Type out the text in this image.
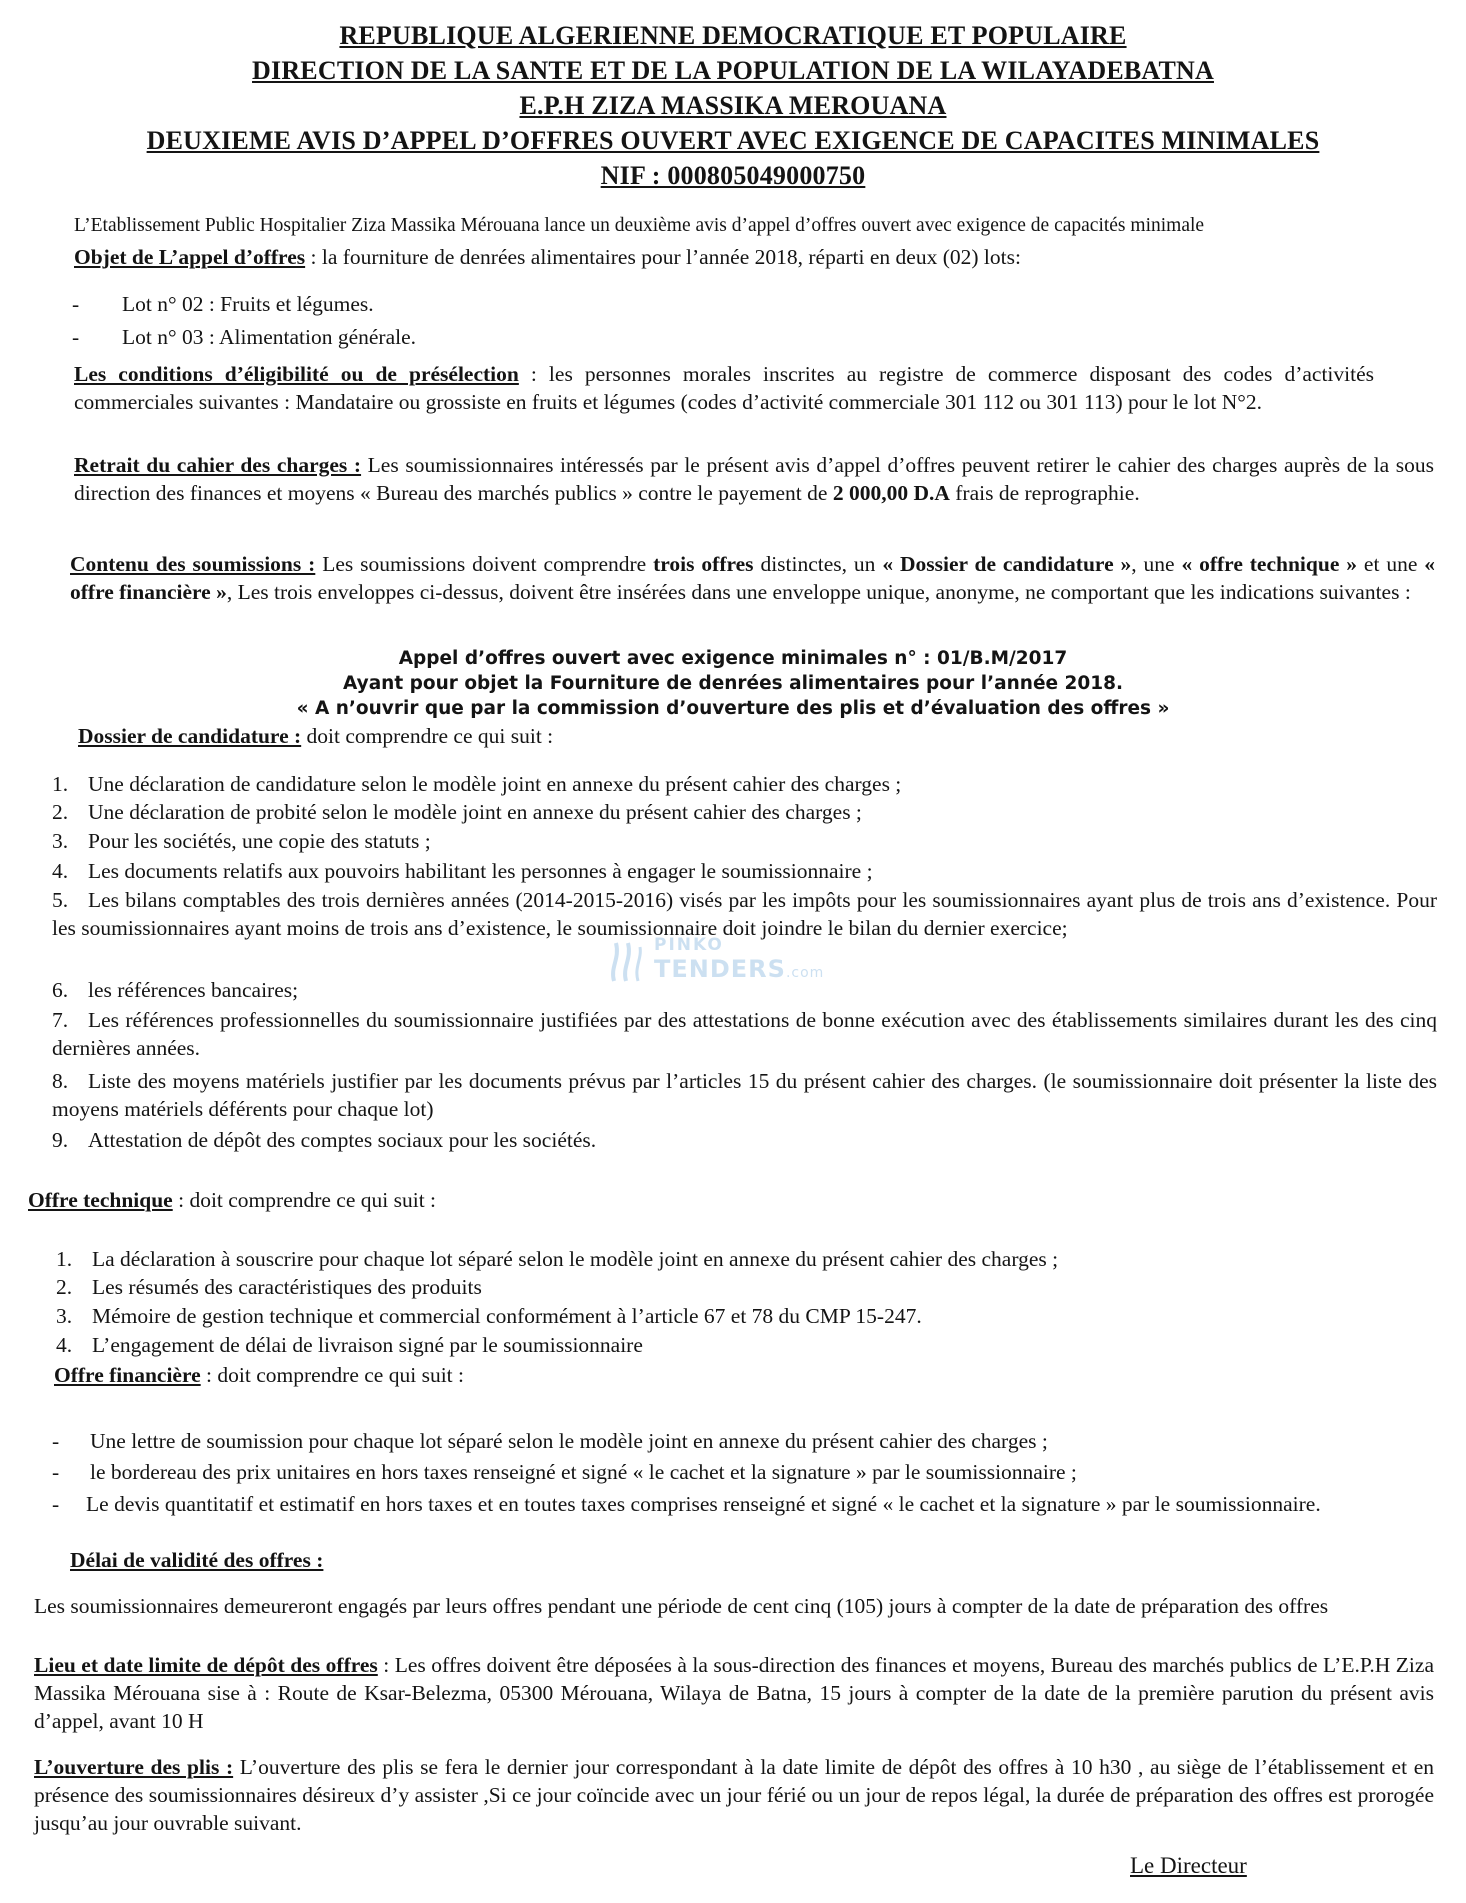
REPUBLIQUE ALGERIENNE DEMOCRATIQUE ET POPULAIRE
DIRECTION DE LA SANTE ET DE LA POPULATION DE LA WILAYADEBATNA
E.P.H ZIZA MASSIKA MEROUANA
DEUXIEME AVIS D’APPEL D’OFFRES OUVERT AVEC EXIGENCE DE CAPACITES MINIMALES
NIF : 000805049000750
L’Etablissement Public Hospitalier Ziza Massika Mérouana lance un deuxième avis d’appel d’offres ouvert avec exigence de capacités minimale
Objet de L’appel d’offres : la fourniture de denrées alimentaires pour l’année 2018, réparti en deux (02) lots:
- Lot n° 02 : Fruits et légumes.
- Lot n° 03 : Alimentation générale.
Les conditions d’éligibilité ou de présélection : les personnes morales inscrites au registre de commerce disposant des codes d’activités commerciales suivantes : Mandataire ou grossiste en fruits et légumes (codes d’activité commerciale 301 112 ou 301 113) pour le lot N°2.
Retrait du cahier des charges : Les soumissionnaires intéressés par le présent avis d’appel d’offres peuvent retirer le cahier des charges auprès de la sous direction des finances et moyens « Bureau des marchés publics » contre le payement de 2 000,00 D.A frais de reprographie.
Contenu des soumissions : Les soumissions doivent comprendre trois offres distinctes, un « Dossier de candidature », une « offre technique » et une « offre financière », Les trois enveloppes ci-dessus, doivent être insérées dans une enveloppe unique, anonyme, ne comportant que les indications suivantes :
Appel d’offres ouvert avec exigence minimales n° : 01/B.M/2017
Ayant pour objet la Fourniture de denrées alimentaires pour l’année 2018.
« A n’ouvrir que par la commission d’ouverture des plis et d’évaluation des offres »
Dossier de candidature : doit comprendre ce qui suit :
1. Une déclaration de candidature selon le modèle joint en annexe du présent cahier des charges ;
2. Une déclaration de probité selon le modèle joint en annexe du présent cahier des charges ;
3. Pour les sociétés, une copie des statuts ;
4. Les documents relatifs aux pouvoirs habilitant les personnes à engager le soumissionnaire ;
5. Les bilans comptables des trois dernières années (2014-2015-2016) visés par les impôts pour les soumissionnaires ayant plus de trois ans d’existence. Pour les soumissionnaires ayant moins de trois ans d’existence, le soumissionnaire doit joindre le bilan du dernier exercice;
6. les références bancaires;
7. Les références professionnelles du soumissionnaire justifiées par des attestations de bonne exécution avec des établissements similaires durant les des cinq dernières années.
8. Liste des moyens matériels justifier par les documents prévus par l’articles 15 du présent cahier des charges. (le soumissionnaire doit présenter la liste des moyens matériels déférents pour chaque lot)
9. Attestation de dépôt des comptes sociaux pour les sociétés.
Offre technique : doit comprendre ce qui suit :
1. La déclaration à souscrire pour chaque lot séparé selon le modèle joint en annexe du présent cahier des charges ;
2. Les résumés des caractéristiques des produits
3. Mémoire de gestion technique et commercial conformément à l’article 67 et 78 du CMP 15-247.
4. L’engagement de délai de livraison signé par le soumissionnaire
Offre financière : doit comprendre ce qui suit :
- Une lettre de soumission pour chaque lot séparé selon le modèle joint en annexe du présent cahier des charges ;
- le bordereau des prix unitaires en hors taxes renseigné et signé « le cachet et la signature » par le soumissionnaire ;
- Le devis quantitatif et estimatif en hors taxes et en toutes taxes comprises renseigné et signé « le cachet et la signature » par le soumissionnaire.
Délai de validité des offres :
Les soumissionnaires demeureront engagés par leurs offres pendant une période de cent cinq (105) jours à compter de la date de préparation des offres
Lieu et date limite de dépôt des offres : Les offres doivent être déposées à la sous-direction des finances et moyens, Bureau des marchés publics de L’E.P.H Ziza Massika Mérouana sise à : Route de Ksar-Belezma, 05300 Mérouana, Wilaya de Batna, 15 jours à compter de la date de la première parution du présent avis d’appel, avant 10 H
L’ouverture des plis : L’ouverture des plis se fera le dernier jour correspondant à la date limite de dépôt des offres à 10 h30 , au siège de l’établissement et en présence des soumissionnaires désireux d’y assister ,Si ce jour coïncide avec un jour férié ou un jour de repos légal, la durée de préparation des offres est prorogée jusqu’au jour ouvrable suivant.
Le Directeur
PINKO
TENDERS.com
